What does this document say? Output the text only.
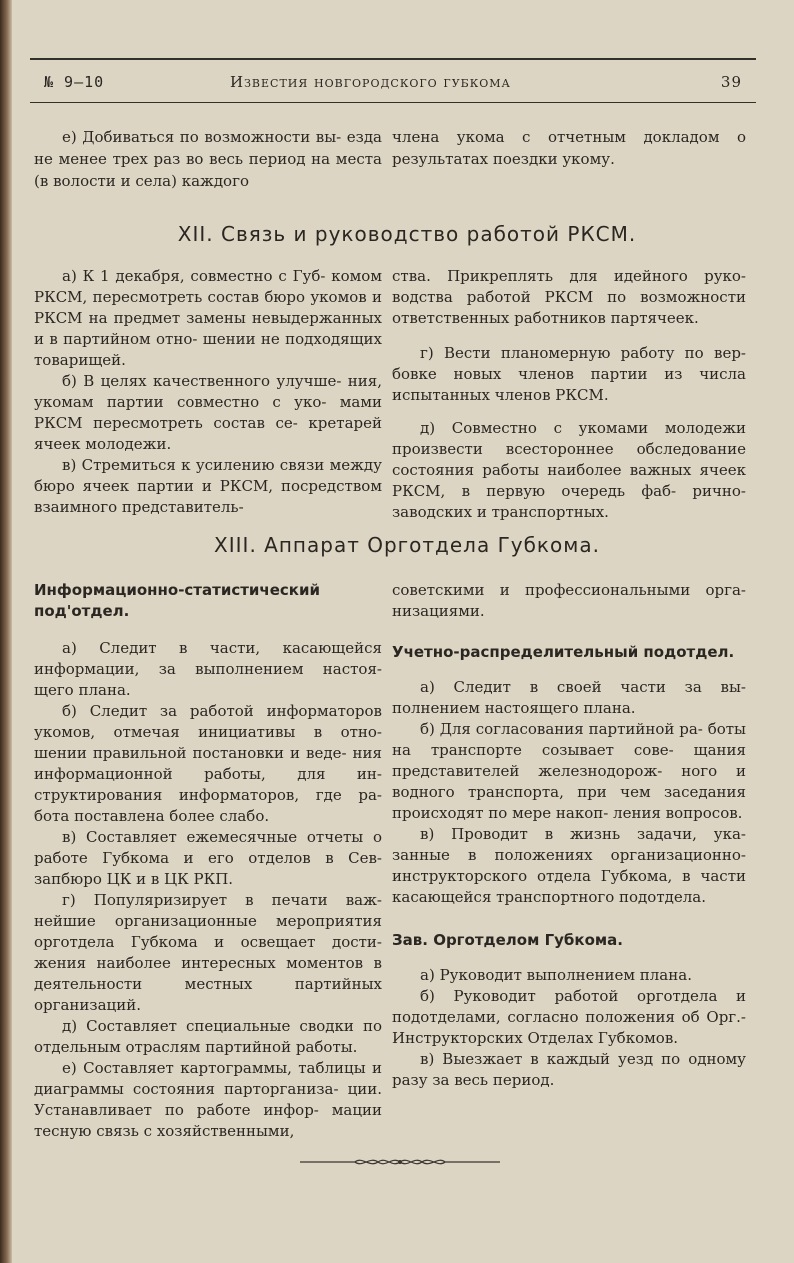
№ 9—10	Известия новгородского губкома	39

е) Добиваться по возможности вы- езда не менее трех раз во весь период на места (в волости и села) каждого

члена укома с отчетным докладом о результатах поездки укому.

XII. Связь и руководство работой РКСМ.

а) К 1 декабря, совместно с Губ- комом РКСМ, пересмотреть состав бюро укомов и РКСМ на предмет замены невыдержанных и в партийном отно- шении не подходящих товарищей.

б) В целях качественного улучше- ния, укомам партии совместно с уко- мами РКСМ пересмотреть состав се- кретарей ячеек молодежи.

в) Стремиться к усилению связи между бюро ячеек партии и РКСМ, посредством взаимного представитель-

ства. Прикреплять для идейного руко- водства работой РКСМ по возможности ответственных работников партячеек.

г) Вести планомерную работу по вер- бовке новых членов партии из числа испытанных членов РКСМ.

д) Совместно с укомами молодежи произвести всестороннее обследование состояния работы наиболее важных ячеек РКСМ, в первую очередь фаб- рично-заводских и транспортных.

XIII. Аппарат Орготдела Губкома.

Информационно-статистический под'отдел.

а) Следит в части, касающейся информации, за выполнением настоя- щего плана.

б) Следит за работой информаторов укомов, отмечая инициативы в отно- шении правильной постановки и веде- ния информационной работы, для ин- структирования информаторов, где ра- бота поставлена более слабо.

в) Составляет ежемесячные отчеты о работе Губкома и его отделов в Сев- запбюро ЦК и в ЦК РКП.

г) Популяризирует в печати важ- нейшие организационные мероприятия орготдела Губкома и освещает дости- жения наиболее интересных моментов в деятельности местных партийных организаций.

д) Составляет специальные сводки по отдельным отраслям партийной работы.

е) Составляет картограммы, таблицы и диаграммы состояния парторганиза- ции. Устанавливает по работе инфор- мации тесную связь с хозяйственными,

советскими и профессиональными орга- низациями.

Учетно-распределительный подотдел.

а) Следит в своей части за вы- полнением настоящего плана.

б) Для согласования партийной ра- боты на транспорте созывает сове- щания представителей железнодорож- ного и водного транспорта, при чем заседания происходят по мере накоп- ления вопросов.

в) Проводит в жизнь задачи, ука- занные в положениях организационно- инструкторского отдела Губкома, в части касающейся транспортного подотдела.

Зав. Орготделом Губкома.

а) Руководит выполнением плана.

б) Руководит работой орготдела и подотделами, согласно положения об Орг.-Инструкторских Отделах Губкомов.

в) Выезжает в каждый уезд по одному разу за весь период.
